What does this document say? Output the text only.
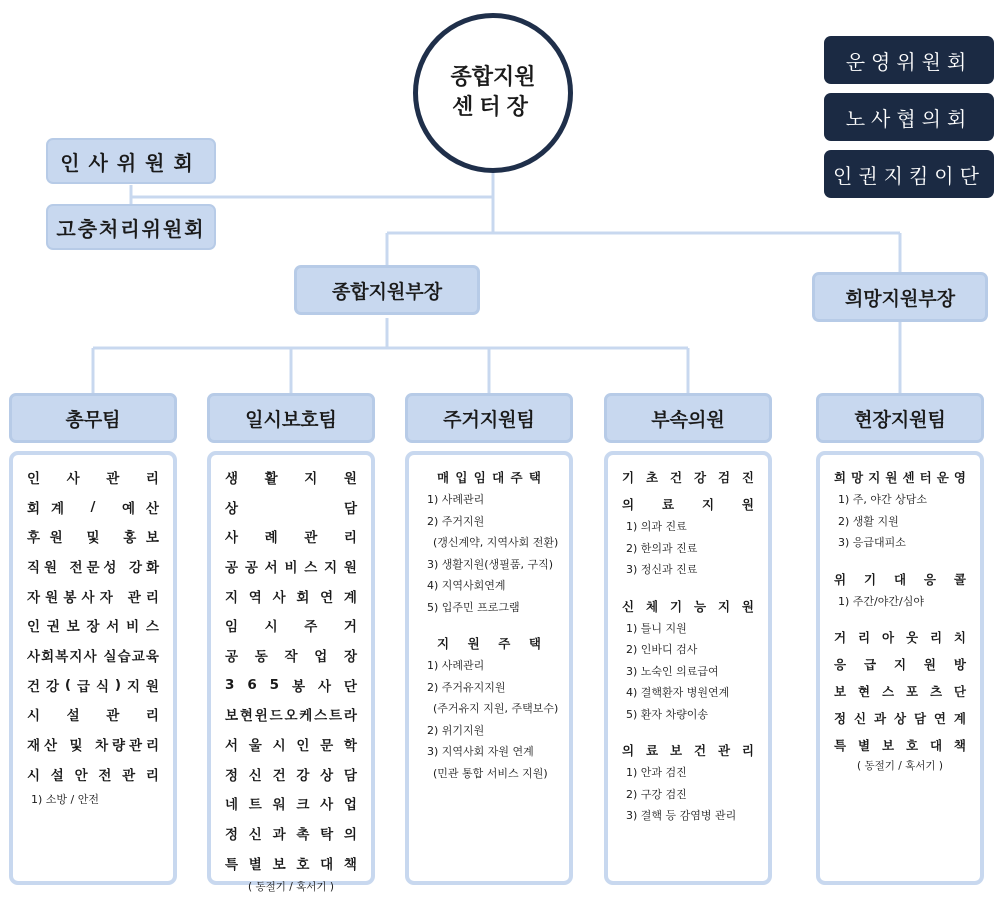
종합지원
센터장
운영위원회
노사협의회
인권지킴이단
인사위원회
고충처리위원회
종합지원부장	희망지원부장
총무팀	일시보호팀	주거지원팀	부속의원	현장지원팀
인 사 관 리
회 계
/
예 산
후 원
및
홍 보
직 원
전 문 성
강 화
자 원 봉 사 자
관 리
인 권 보 장 서 비 스
사 회 복 지 사
실 습 교 육
건 강 ( 급 식 ) 지 원
시 설 관 리
재 산
및
차 량 관 리
시 설 안 전 관 리
1) 소방 / 안전
생 활 지 원
상	담
사 례 관 리
공 공 서 비 스 지 원
지 역 사 회 연 계
임 시 주 거
공 동 작 업 장
3 6 5 봉 사 단
보 현 윈 드 오 케 스 트 라
서 울 시 인 문 학
정 신 건 강 상 담
네 트 워 크 사 업
정 신 과 촉 탁 의
특 별 보 호 대 책
( 동절기 / 혹서기 )
매 입 임 대 주 택
1) 사례관리
2) 주거지원
(갱신계약, 지역사회 전환)
3) 생활지원(생필품, 구직)
4) 지역사회연계
5) 입주민 프로그램
지 원 주 택
1) 사례관리
2) 주거유지지원
(주거유지 지원, 주택보수)
2) 위기지원
3) 지역사회 자원 연계
(민관 통합 서비스 지원)
기 초 건 강 검 진
의 료 지 원
1) 의과 진료
2) 한의과 진료
3) 정신과 진료
신 체 기 능 지 원
1) 틀니 지원
2) 인바디 검사
3) 노숙인 의료급여
4) 결핵환자 병원연계
5) 환자 차량이송
의 료 보 건 관 리
1) 안과 검진
2) 구강 검진
3) 결핵 등 감염병 관리
희 망 지 원 센 터 운 영
1) 주, 야간 상담소
2) 생활 지원
3) 응급대피소
위 기 대 응 콜
1) 주간/야간/심야
거 리 아 웃 리 치
응 급 지 원 방
보 현 스 포 츠 단
정 신 과 상 담 연 계
특 별 보 호 대 책
( 동절기 / 혹서기 )
